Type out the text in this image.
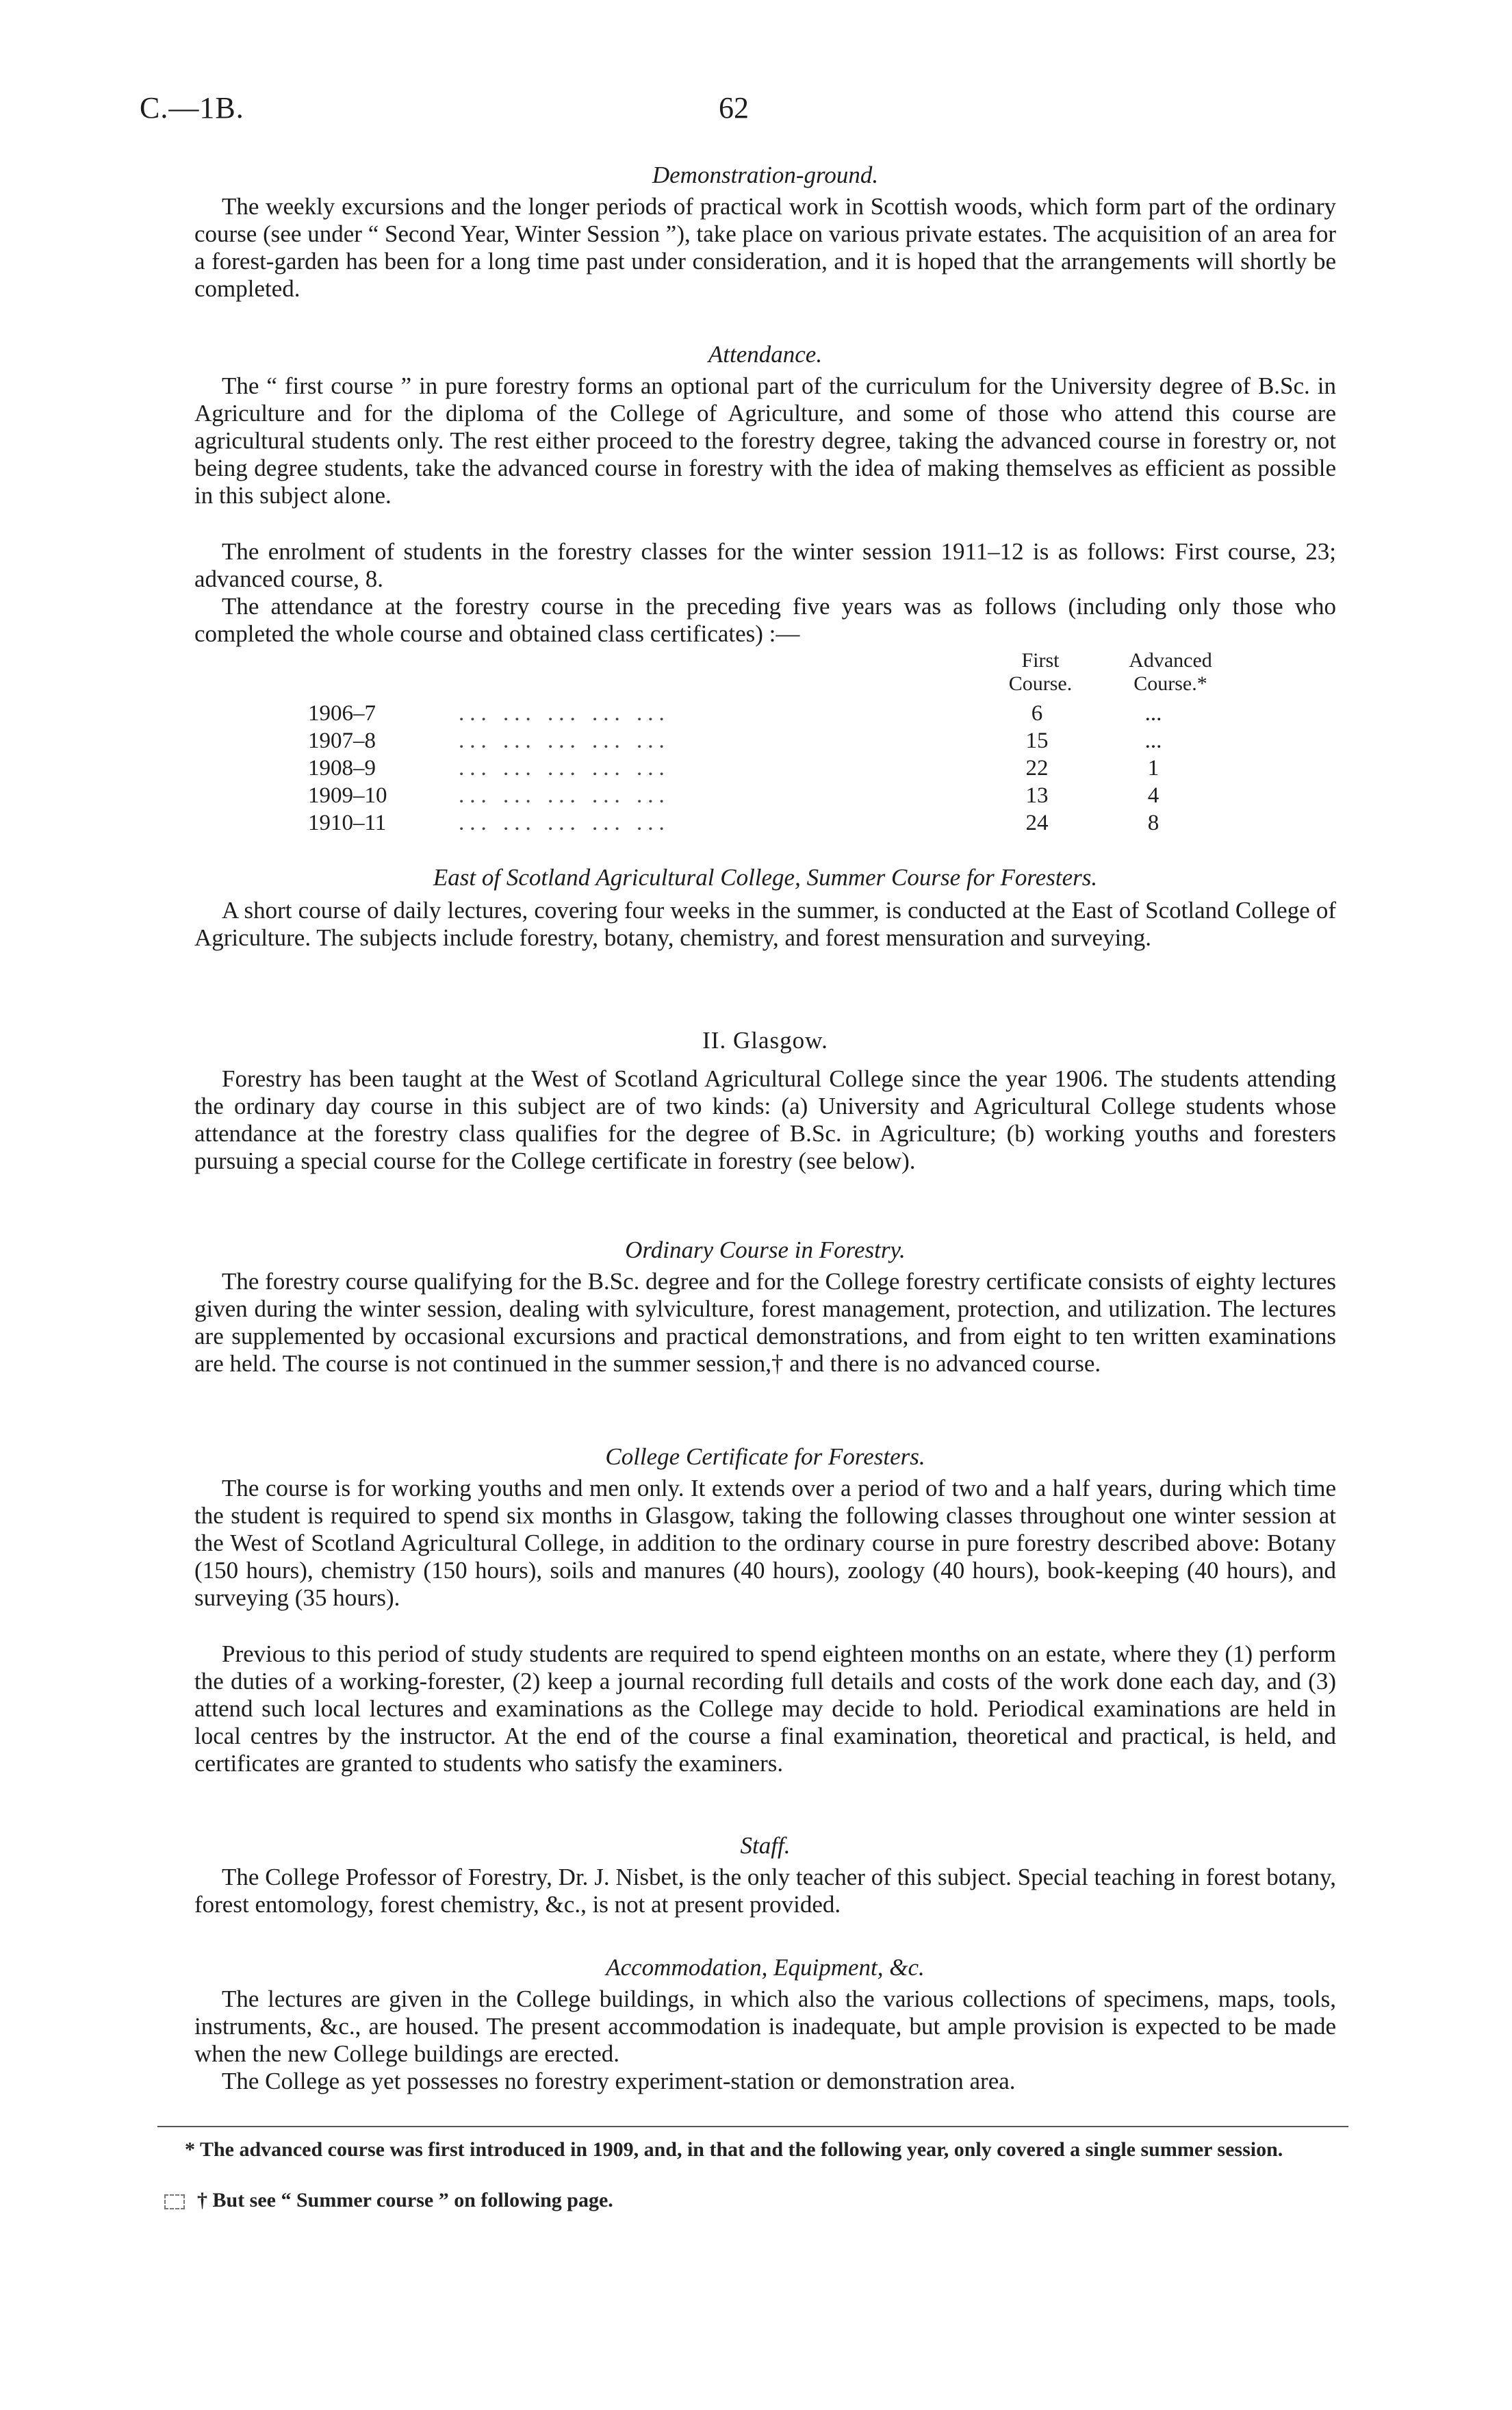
C.—1B.	62
Demonstration-ground.

The weekly excursions and the longer periods of practical work in Scottish woods, which form part of the ordinary course (see under “ Second Year, Winter Session ”), take place on various private estates. The acquisition of an area for a forest-garden has been for a long time past under consideration, and it is hoped that the arrangements will shortly be completed.

Attendance.

The “ first course ” in pure forestry forms an optional part of the curriculum for the University degree of B.Sc. in Agriculture and for the diploma of the College of Agriculture, and some of those who attend this course are agricultural students only. The rest either proceed to the forestry degree, taking the advanced course in forestry or, not being degree students, take the advanced course in forestry with the idea of making themselves as efficient as possible in this subject alone.

The enrolment of students in the forestry classes for the winter session 1911–12 is as follows: First course, 23; advanced course, 8.

The attendance at the forestry course in the preceding five years was as follows (including only those who completed the whole course and obtained class certificates) :—

First
Course.
Advanced
Course.*
1906–7	... ... ... ... ...	6	...
1907–8	... ... ... ... ...	15	...
1908–9	... ... ... ... ...	22	1
1909–10	... ... ... ... ...	13	4
1910–11	... ... ... ... ...	24	8
East of Scotland Agricultural College, Summer Course for Foresters.

A short course of daily lectures, covering four weeks in the summer, is conducted at the East of Scotland College of Agriculture. The subjects include forestry, botany, chemistry, and forest mensuration and surveying.

II. Glasgow.

Forestry has been taught at the West of Scotland Agricultural College since the year 1906. The students attending the ordinary day course in this subject are of two kinds: (a) University and Agricultural College students whose attendance at the forestry class qualifies for the degree of B.Sc. in Agriculture; (b) working youths and foresters pursuing a special course for the College certificate in forestry (see below).

Ordinary Course in Forestry.

The forestry course qualifying for the B.Sc. degree and for the College forestry certificate consists of eighty lectures given during the winter session, dealing with sylviculture, forest management, protection, and utilization. The lectures are supplemented by occasional excursions and practical demonstrations, and from eight to ten written examinations are held. The course is not continued in the summer session,† and there is no advanced course.

College Certificate for Foresters.

The course is for working youths and men only. It extends over a period of two and a half years, during which time the student is required to spend six months in Glasgow, taking the following classes throughout one winter session at the West of Scotland Agricultural College, in addition to the ordinary course in pure forestry described above: Botany (150 hours), chemistry (150 hours), soils and manures (40 hours), zoology (40 hours), book-keeping (40 hours), and surveying (35 hours).

Previous to this period of study students are required to spend eighteen months on an estate, where they (1) perform the duties of a working-forester, (2) keep a journal recording full details and costs of the work done each day, and (3) attend such local lectures and examinations as the College may decide to hold. Periodical examinations are held in local centres by the instructor. At the end of the course a final examination, theoretical and practical, is held, and certificates are granted to students who satisfy the examiners.

Staff.

The College Professor of Forestry, Dr. J. Nisbet, is the only teacher of this subject. Special teaching in forest botany, forest entomology, forest chemistry, &c., is not at present provided.

Accommodation, Equipment, &c.

The lectures are given in the College buildings, in which also the various collections of specimens, maps, tools, instruments, &c., are housed. The present accommodation is inadequate, but ample provision is expected to be made when the new College buildings are erected.

The College as yet possesses no forestry experiment-station or demonstration area.

* The advanced course was first introduced in 1909, and, in that and the following year, only covered a single summer session.
† But see “ Summer course ” on following page.
